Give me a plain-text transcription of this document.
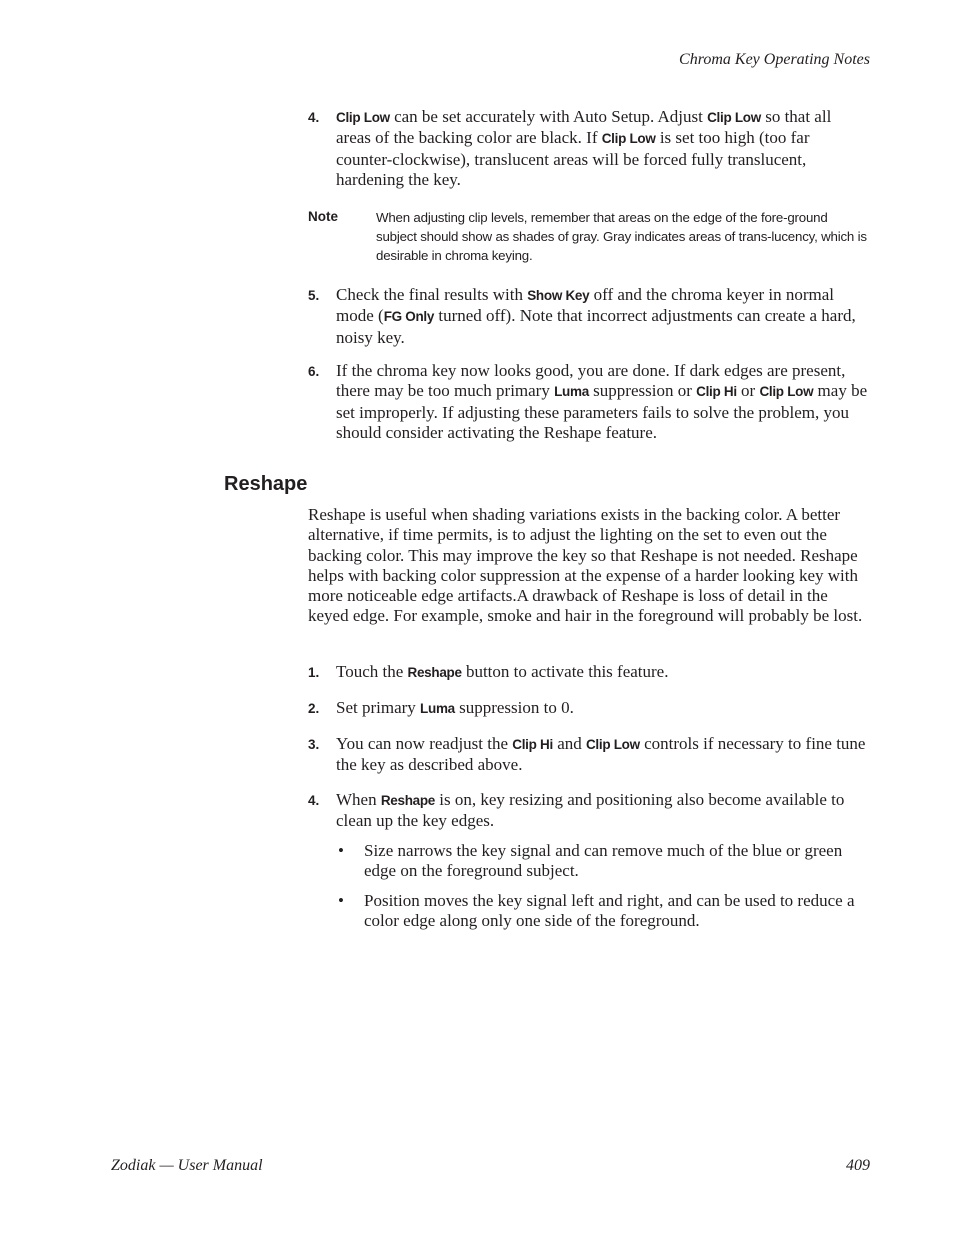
Chroma Key Operating Notes
4. Clip Low can be set accurately with Auto Setup. Adjust Clip Low so that all areas of the backing color are black. If Clip Low is set too high (too far counter-clockwise), translucent areas will be forced fully translucent, hardening the key.
Note	When adjusting clip levels, remember that areas on the edge of the fore-ground subject should show as shades of gray. Gray indicates areas of trans-lucency, which is desirable in chroma keying.
5. Check the final results with Show Key off and the chroma keyer in normal mode (FG Only turned off). Note that incorrect adjustments can create a hard, noisy key.
6. If the chroma key now looks good, you are done. If dark edges are present, there may be too much primary Luma suppression or Clip Hi or Clip Low may be set improperly. If adjusting these parameters fails to solve the problem, you should consider activating the Reshape feature.
Reshape

Reshape is useful when shading variations exists in the backing color. A better alternative, if time permits, is to adjust the lighting on the set to even out the backing color. This may improve the key so that Reshape is not needed. Reshape helps with backing color suppression at the expense of a harder looking key with more noticeable edge artifacts.A drawback of Reshape is loss of detail in the keyed edge. For example, smoke and hair in the foreground will probably be lost.

1. Touch the Reshape button to activate this feature.
2. Set primary Luma suppression to 0.
3. You can now readjust the Clip Hi and Clip Low controls if necessary to fine tune the key as described above.
4. When Reshape is on, key resizing and positioning also become available to clean up the key edges.
• Size narrows the key signal and can remove much of the blue or green edge on the foreground subject.
• Position moves the key signal left and right, and can be used to reduce a color edge along only one side of the foreground.
Zodiak — User Manual	409
